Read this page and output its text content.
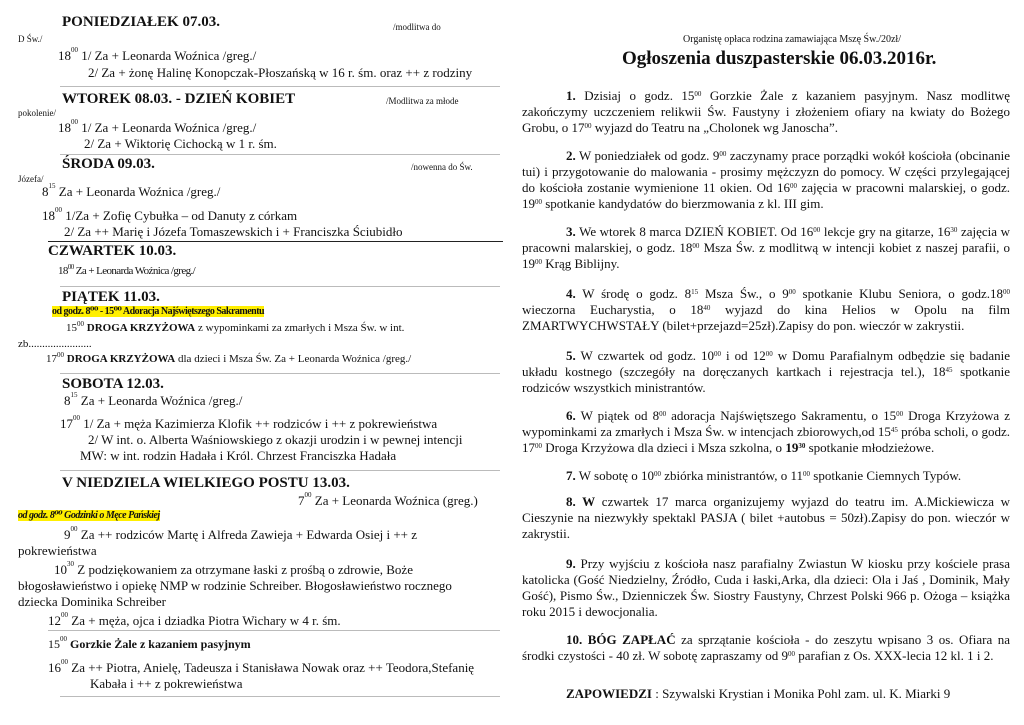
PONIEDZIAŁEK 07.03.	/modlitwa do
D Św./
$18^{00}$ 1/ Za + Leonarda Woźnica /greg./
2/ Za + żonę Halinę Konopczak-Płoszańską w 16 r. śm. oraz ++ z rodziny
WTOREK 08.03. - DZIEŃ KOBIET	/Modlitwa za młode
pokolenie/
$18^{00}$ 1/ Za + Leonarda Woźnica /greg./
2/ Za + Wiktorię Cichocką w 1 r. śm.
ŚRODA 09.03.	/nowenna do Św.
Józefa/
$8^{15}$ Za + Leonarda Woźnica /greg./
$18^{00}$ 1/Za + Zofię Cybułka – od Danuty z córkam
2/ Za ++ Marię i Józefa Tomaszewskich i + Franciszka Ściubidło
CZWARTEK 10.03.
$18^{00}$ Za + Leonarda Woźnica /greg./
PIĄTEK 11.03.
od godz. 8⁰⁰ - 15⁰⁰ Adoracja Najświętszego Sakramentu
$15^{00}$ DROGA KRZYŻOWA z wypominkami za zmarłych i Msza Św. w int.
zb.......................
$17^{00}$ DROGA KRZYŻOWA dla dzieci i Msza Św. Za + Leonarda Woźnica /greg./
SOBOTA 12.03.
$8^{15}$ Za + Leonarda Woźnica /greg./
$17^{00}$ 1/ Za + męża Kazimierza Klofik ++ rodziców i ++ z pokrewieństwa
2/ W int. o. Alberta Waśniowskiego z okazji urodzin i w pewnej intencji
MW: w int. rodzin Hadała i Król. Chrzest Franciszka Hadała
V NIEDZIELA WIELKIEGO POSTU 13.03.
$7^{00}$ Za + Leonarda Woźnica (greg.)
od godz. 8⁰⁰ Godzinki o Męce Pańskiej
$9^{00}$ Za ++ rodziców Martę i Alfreda Zawieja + Edwarda Osiej i ++ z
pokrewieństwa
$10^{30}$ Z podziękowaniem za otrzymane łaski z prośbą o zdrowie, Boże
błogosławieństwo i opiekę NMP w rodzinie Schreiber. Błogosławieństwo rocznego
dziecka Dominika Schreiber
$12^{00}$ Za + męża, ojca i dziadka Piotra Wichary w 4 r. śm.
$15^{00}$ Gorzkie Żale z kazaniem pasyjnym
$16^{00}$ Za ++ Piotra, Anielę, Tadeusza i Stanisława Nowak oraz ++ Teodora,Stefanię
Kabała i ++ z pokrewieństwa
Organistę opłaca rodzina zamawiająca Mszę Św./20zł/
Ogłoszenia duszpasterskie 06.03.2016r.

1. Dzisiaj o godz. $15^{00}$ Gorzkie Żale z kazaniem pasyjnym. Nasz modlitwę zakończymy uczczeniem relikwii Św. Faustyny i złożeniem ofiary na kwiaty do Bożego Grobu, o $17^{00}$ wyjazd do Teatru na „Cholonek wg Janoscha”.

2. W poniedziałek od godz. $9^{00}$ zaczynamy prace porządki wokół kościoła (obcinanie tui) i przygotowanie do malowania - prosimy mężczyzn do pomocy. W części przylegającej do kościoła zostanie wymienione 11 okien. Od $16^{00}$ zajęcia w pracowni malarskiej, o godz. $19^{00}$ spotkanie kandydatów do bierzmowania z kl. III gim.

3. We wtorek 8 marca DZIEŃ KOBIET. Od $16^{00}$ lekcje gry na gitarze, $16^{30}$ zajęcia w pracowni malarskiej, o godz. $18^{00}$ Msza Św. z modlitwą w intencji kobiet z naszej parafii, o $19^{00}$ Krąg Biblijny.

4. W środę o godz. $8^{15}$ Msza Św., o $9^{00}$ spotkanie Klubu Seniora, o $godz.18^{00}$ wieczorna Eucharystia, o $18^{40}$ wyjazd do kina Helios w Opolu na film ZMARTWYCHWSTAŁY (bilet+przejazd=25zł).Zapisy do pon. wieczór w zakrystii.

5. W czwartek od godz. $10^{00}$ i od $12^{00}$ w Domu Parafialnym odbędzie się badanie układu kostnego (szczegóły na doręczanych kartkach i rejestracja tel.), $18^{45}$ spotkanie rodziców wszystkich ministrantów.

6. W piątek od $8^{00}$ adoracja Najświętszego Sakramentu, o $15^{00}$ Droga Krzyżowa z wypominkami za zmarłych i Msza Św. w intencjach zbiorowych,od $15^{45}$ próba scholi, o godz. $17^{00}$ Droga Krzyżowa dla dzieci i Msza szkolna, o $19^{30}$ spotkanie młodzieżowe.

7. W sobotę o $10^{00}$ zbiórka ministrantów, o $11^{00}$ spotkanie Ciemnych Typów.

8. W czwartek 17 marca organizujemy wyjazd do teatru im. A.Mickiewicza w Cieszynie na niezwykły spektakl PASJA ( bilet +autobus = 50zł).Zapisy do pon. wieczór w zakrystii.

9. Przy wyjściu z kościoła nasz parafialny Zwiastun W kiosku przy kościele prasa katolicka (Gość Niedzielny, Źródło, Cuda i łaski,Arka, dla dzieci: Ola i Jaś , Dominik, Mały Gość), Pismo Św., Dzienniczek Św. Siostry Faustyny, Chrzest Polski 966 p. Ożoga – książka roku 2015 i dewocjonalia.

10. BÓG ZAPŁAĆ za sprzątanie kościoła - do zeszytu wpisano 3 os. Ofiara na środki czystości - 40 zł. W sobotę zapraszamy od $9^{00}$ parafian z Os. XXX-lecia 12 kl. 1 i 2.

ZAPOWIEDZI : Szywalski Krystian i Monika Pohl zam. ul. K. Miarki 9
